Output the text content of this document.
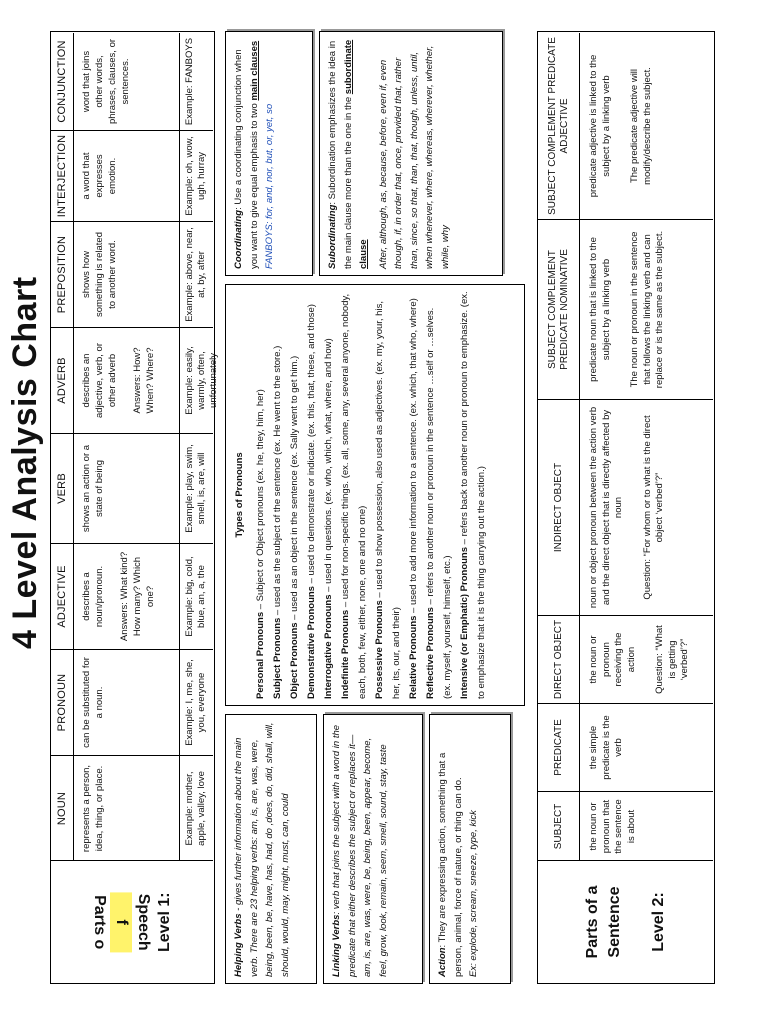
4 Level Analysis Chart
Level 1:
Parts o f Speech
NOUN	represents a person, idea, thing, or place.	Example: mother, apple, valley, love
PRONOUN	can be substituted for a noun.	Example: I, me, she, you, everyone
ADJECTIVE	describes a noun/pronoun. Answers: What kind? How many? Which one?	Example: big, cold, blue, an, a, the
VERB	shows an action or a state of being	Example: play, swim, smell, is, are, will
ADVERB	describes an adjective, verb, or other adverb Answers: How? When? Where?	Example: easily, warmly, often, unfortunately
PREPOSITION	shows how something is related to another word.	Example: above, near, at, by, after
INTERJECTION	a word that expresses emotion.	Example: oh, wow, ugh, hurray
CONJUNCTION	word that joins other words, phrases, clauses, or sentences.	Example: FANBOYS
Helping Verbs - gives further information about the main verb. There are 23 helping verbs: am, is, are, was, were, being, been, be, have, has, had, do ,does, do, did, shall, will, should, would, may, might, must, can, could	Linking Verbs: verb that joins the subject with a word in the predicate that either describes the subject or replaces it—am, is, are, was, were, be, being, been, appear, become, feel, grow, look, remain, seem, smell, sound, stay, taste	Action: They are expressing action, something that a person, animal, force of nature, or thing can do. Ex: explode, scream, sneeze, type, kick
Types of Pronouns
Personal Pronouns – Subject or Object pronouns (ex. he, they, him, her)
Subject Pronouns – used as the subject of the sentence (ex. He went to the store.)
Object Pronouns – used as an object in the sentence (ex. Sally went to get him.)
Demonstrative Pronouns – used to demonstrate or indicate. (ex. this, that, these, and those)
Interrogative Pronouns – used in questions. (ex. who, which, what, where, and how)
Indefinite Pronouns – used for non-specific things. (ex. all, some, any, several anyone, nobody, each, both, few, either, none, one and no one) Possessive Pronouns – used to show possession, also used as adjectives. (ex. my, your, his, her, its, our, and their) Relative Pronouns – used to add more information to a sentence. (ex. which, that who, where)
Reflective Pronouns – refers to another noun or pronoun in the sentence …self or …selves. (ex. myself, yourself, himself, etc.) Intensive (or Emphatic) Pronouns – refers back to another noun or pronoun to emphasize. (ex. to emphasize that it is the thing carrying out the action.)
Coordinating: Use a coordinating conjunction when you want to give equal emphasis to two main clauses
FANBOYS: for, and, nor, but, or, yet, so	Subordinating: Subordination emphasizes the idea in the main clause more than the one in the subordinate clause After, although, as, because, before, even if, even though, if, in order that, once, provided that, rather than, since, so that, than, that, though, unless, until, when whenever, where, whereas, wherever, whether, while, why
Level 2:

Parts of a Sentence
SUBJECT	the noun or pronoun that the sentence is about
PREDICATE	the simple predicate is the verb
DIRECT OBJECT	the noun or pronoun receiving the action Question: “What is getting ‘verbed’?”
INDIRECT OBJECT	noun or object pronoun between the action verb and the direct object that is directly affected by noun Question: “For whom or to what is the direct object ‘verbed’?”
SUBJECT COMPLEMENT PREDICATE NOMINATIVE	predicate noun that is linked to the subject by a linking verb The noun or pronoun in the sentence that follows the linking verb and can replace or is the same as the subject.
SUBJECT COMPLEMENT PREDICATE ADJECTIVE	predicate adjective is linked to the subject by a linking verb The predicate adjective will modify/describe the subject.
